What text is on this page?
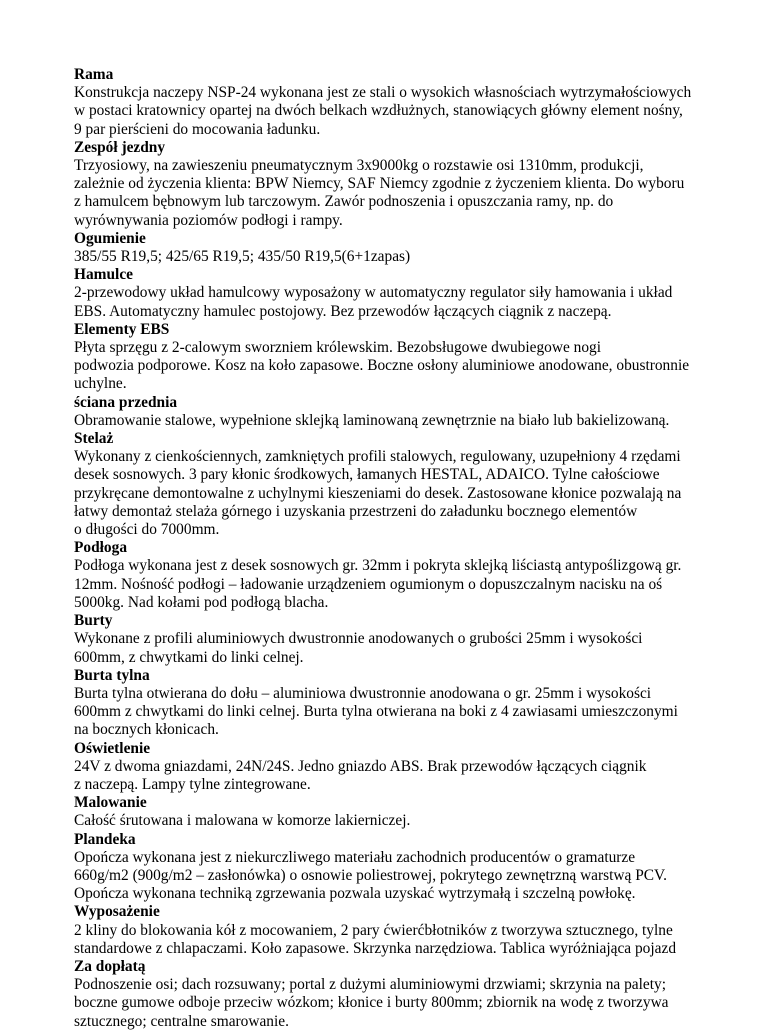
Rama

Konstrukcja naczepy NSP-24 wykonana jest ze stali o wysokich własnościach wytrzymałościowych

w postaci kratownicy opartej na dwóch belkach wzdłużnych, stanowiących główny element nośny,

9 par pierścieni do mocowania ładunku.

Zespół jezdny

Trzyosiowy, na zawieszeniu pneumatycznym 3x9000kg o rozstawie osi 1310mm, produkcji,

zależnie od życzenia klienta: BPW Niemcy, SAF Niemcy zgodnie z życzeniem klienta. Do wyboru

z hamulcem bębnowym lub tarczowym. Zawór podnoszenia i opuszczania ramy, np. do

wyrównywania poziomów podłogi i rampy.

Ogumienie

385/55 R19,5; 425/65 R19,5; 435/50 R19,5(6+1zapas)

Hamulce

2-przewodowy układ hamulcowy wyposażony w automatyczny regulator siły hamowania i układ

EBS. Automatyczny hamulec postojowy. Bez przewodów łączących ciągnik z naczepą.

Elementy EBS

Płyta sprzęgu z 2-calowym sworzniem królewskim. Bezobsługowe dwubiegowe nogi

podwozia podporowe. Kosz na koło zapasowe. Boczne osłony aluminiowe anodowane, obustronnie

uchylne.

ściana przednia

Obramowanie stalowe, wypełnione sklejką laminowaną zewnętrznie na biało lub bakielizowaną.

Stelaż

Wykonany z cienkościennych, zamkniętych profili stalowych, regulowany, uzupełniony 4 rzędami

desek sosnowych. 3 pary kłonic środkowych, łamanych HESTAL, ADAICO. Tylne całościowe

przykręcane demontowalne z uchylnymi kieszeniami do desek. Zastosowane kłonice pozwalają na

łatwy demontaż stelaża górnego i uzyskania przestrzeni do załadunku bocznego elementów

o długości do 7000mm.

Podłoga

Podłoga wykonana jest z desek sosnowych gr. 32mm i pokryta sklejką liściastą antypoślizgową gr.

12mm. Nośność podłogi – ładowanie urządzeniem ogumionym o dopuszczalnym nacisku na oś

5000kg. Nad kołami pod podłogą blacha.

Burty

Wykonane z profili aluminiowych dwustronnie anodowanych o grubości 25mm i wysokości

600mm, z chwytkami do linki celnej.

Burta tylna

Burta tylna otwierana do dołu – aluminiowa dwustronnie anodowana o gr. 25mm i wysokości

600mm z chwytkami do linki celnej. Burta tylna otwierana na boki z 4 zawiasami umieszczonymi

na bocznych kłonicach.

Oświetlenie

24V z dwoma gniazdami, 24N/24S. Jedno gniazdo ABS. Brak przewodów łączących ciągnik

z naczepą. Lampy tylne zintegrowane.

Malowanie

Całość śrutowana i malowana w komorze lakierniczej.

Plandeka

Opończa wykonana jest z niekurczliwego materiału zachodnich producentów o gramaturze

660g/m2 (900g/m2 – zasłonówka) o osnowie poliestrowej, pokrytego zewnętrzną warstwą PCV.

Opończa wykonana techniką zgrzewania pozwala uzyskać wytrzymałą i szczelną powłokę.

Wyposażenie

2 kliny do blokowania kół z mocowaniem, 2 pary ćwierćbłotników z tworzywa sztucznego, tylne

standardowe z chlapaczami. Koło zapasowe. Skrzynka narzędziowa. Tablica wyróżniająca pojazd

Za dopłatą

Podnoszenie osi; dach rozsuwany; portal z dużymi aluminiowymi drzwiami; skrzynia na palety;

boczne gumowe odboje przeciw wózkom; kłonice i burty 800mm; zbiornik na wodę z tworzywa

sztucznego; centralne smarowanie.
